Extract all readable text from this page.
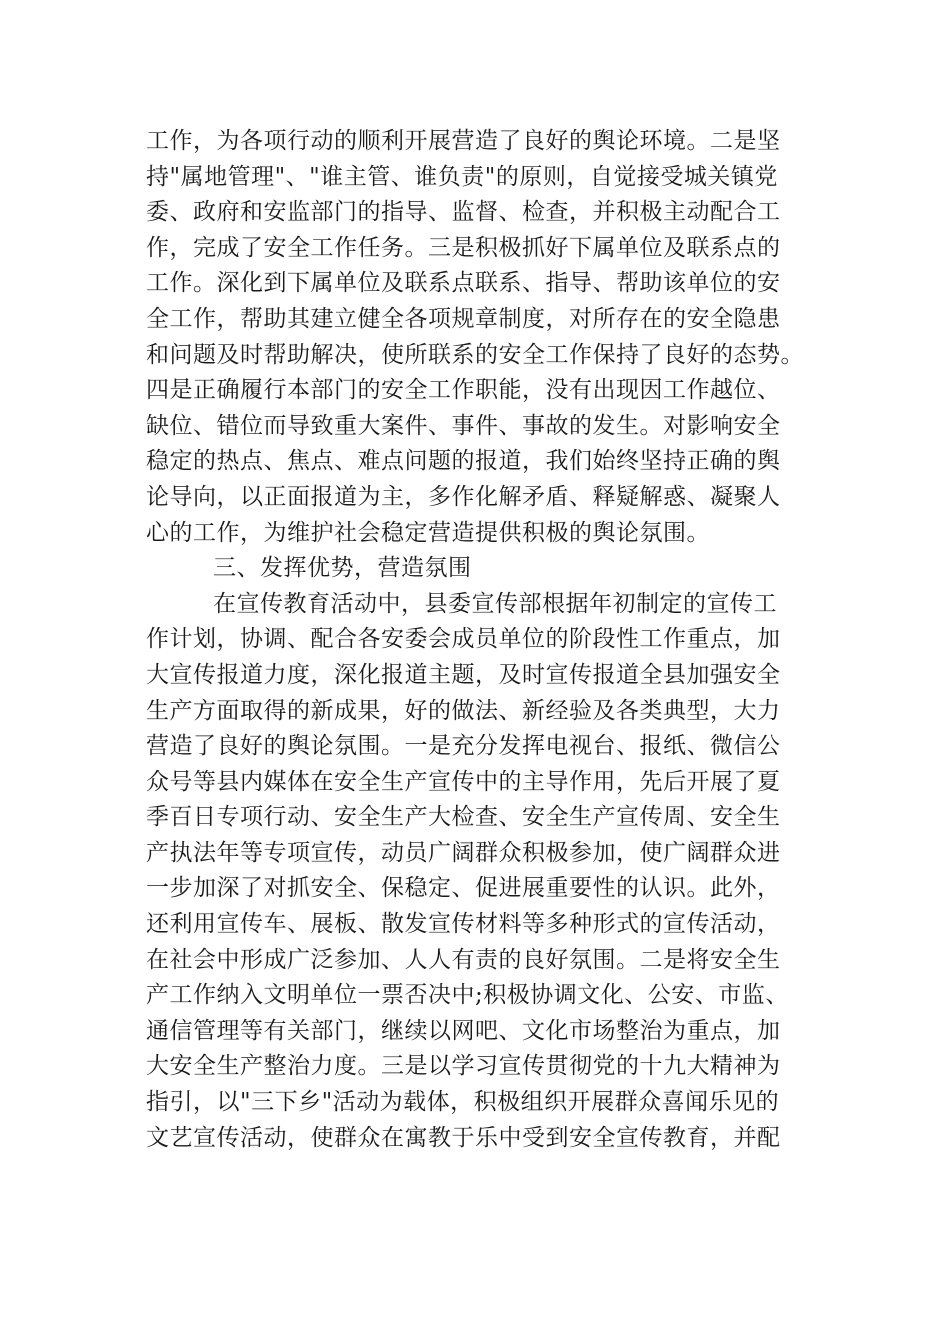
工作，为各项行动的顺利开展营造了良好的舆论环境。二是坚
持"属地管理"、"谁主管、谁负责"的原则，自觉接受城关镇党
委、政府和安监部门的指导、监督、检查，并积极主动配合工
作，完成了安全工作任务。三是积极抓好下属单位及联系点的
工作。深化到下属单位及联系点联系、指导、帮助该单位的安
全工作，帮助其建立健全各项规章制度，对所存在的安全隐患
和问题及时帮助解决，使所联系的安全工作保持了良好的态势。
四是正确履行本部门的安全工作职能，没有出现因工作越位、
缺位、错位而导致重大案件、事件、事故的发生。对影响安全
稳定的热点、焦点、难点问题的报道，我们始终坚持正确的舆
论导向，以正面报道为主，多作化解矛盾、释疑解惑、凝聚人
心的工作，为维护社会稳定营造提供积极的舆论氛围。
三、发挥优势，营造氛围
在宣传教育活动中，县委宣传部根据年初制定的宣传工
作计划，协调、配合各安委会成员单位的阶段性工作重点，加
大宣传报道力度，深化报道主题，及时宣传报道全县加强安全
生产方面取得的新成果，好的做法、新经验及各类典型，大力
营造了良好的舆论氛围。一是充分发挥电视台、报纸、微信公
众号等县内媒体在安全生产宣传中的主导作用，先后开展了夏
季百日专项行动、安全生产大检查、安全生产宣传周、安全生
产执法年等专项宣传，动员广阔群众积极参加，使广阔群众进
一步加深了对抓安全、保稳定、促进展重要性的认识。此外，
还利用宣传车、展板、散发宣传材料等多种形式的宣传活动，
在社会中形成广泛参加、人人有责的良好氛围。二是将安全生
产工作纳入文明单位一票否决中;积极协调文化、公安、市监、
通信管理等有关部门，继续以网吧、文化市场整治为重点，加
大安全生产整治力度。三是以学习宣传贯彻党的十九大精神为
指引，以"三下乡"活动为载体，积极组织开展群众喜闻乐见的
文艺宣传活动，使群众在寓教于乐中受到安全宣传教育，并配
